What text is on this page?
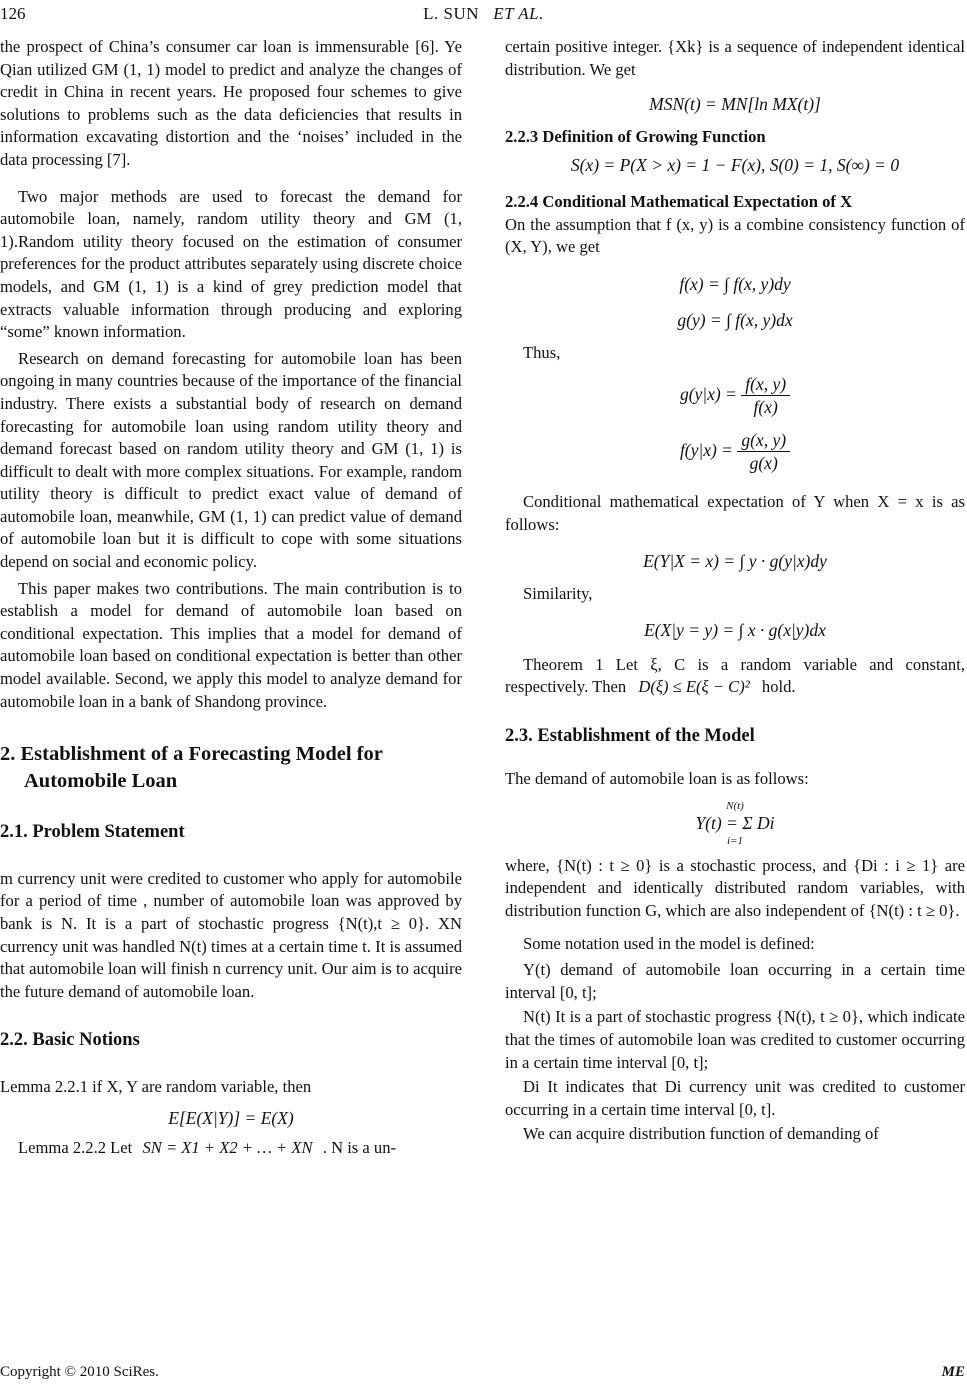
126	L. SUN ET AL.

the prospect of China’s consumer car loan is immensurable [6]. Ye Qian utilized GM (1, 1) model to predict and analyze the changes of credit in China in recent years. He proposed four schemes to give solutions to problems such as the data deficiencies that results in information excavating distortion and the ‘noises’ included in the data processing [7].

Two major methods are used to forecast the demand for automobile loan, namely, random utility theory and GM (1, 1).Random utility theory focused on the estimation of consumer preferences for the product attributes separately using discrete choice models, and GM (1, 1) is a kind of grey prediction model that extracts valuable information through producing and exploring “some” known information.

Research on demand forecasting for automobile loan has been ongoing in many countries because of the importance of the financial industry. There exists a substantial body of research on demand forecasting for automobile loan using random utility theory and demand forecast based on random utility theory and GM (1, 1) is difficult to dealt with more complex situations. For example, random utility theory is difficult to predict exact value of demand of automobile loan, meanwhile, GM (1, 1) can predict value of demand of automobile loan but it is difficult to cope with some situations depend on social and economic policy.

This paper makes two contributions. The main contribution is to establish a model for demand of automobile loan based on conditional expectation. This implies that a model for demand of automobile loan based on conditional expectation is better than other model available. Second, we apply this model to analyze demand for automobile loan in a bank of Shandong province.

2. Establishment of a Forecasting Model for
Automobile Loan
2.1. Problem Statement

m currency unit were credited to customer who apply for automobile for a period of time , number of automobile loan was approved by bank is N. It is a part of stochastic progress {N(t),t ≥ 0}. XN currency unit was handled N(t) times at a certain time t. It is assumed that automobile loan will finish n currency unit. Our aim is to acquire the future demand of automobile loan.

2.2. Basic Notions

Lemma 2.2.1 if X, Y are random variable, then

E[E(X|Y)] = E(X)

Lemma 2.2.2 Let SN = X1 + X2 + … + XN . N is a un-

certain positive integer. {Xk} is a sequence of independent identical distribution. We get

MSN(t) = MN[ln MX(t)]
2.2.3 Definition of Growing Function
S(x) = P(X > x) = 1 − F(x), S(0) = 1, S(∞) = 0
2.2.4 Conditional Mathematical Expectation of X

On the assumption that f (x, y) is a combine consistency function of (X, Y), we get

f(x) = ∫ f(x, y)dy
g(y) = ∫ f(x, y)dx

Thus,

$g(y|x) = \frac{f(x, y)}{f(x)}$
$f(y|x) = \frac{g(x, y)}{g(x)}$

Conditional mathematical expectation of Y when X = x is as follows:

E(Y|X = x) = ∫ y · g(y|x)dy

Similarity,

E(X|y = y) = ∫ x · g(x|y)dx

Theorem 1 Let ξ, C is a random variable and constant, respectively. Then D(ξ) ≤ E(ξ − C)² hold.

2.3. Establishment of the Model

The demand of automobile loan is as follows:

N(t)
Y(t) = Σ Di
i=1

where, {N(t) : t ≥ 0} is a stochastic process, and {Di : i ≥ 1} are independent and identically distributed random variables, with distribution function G, which are also independent of {N(t) : t ≥ 0}.

Some notation used in the model is defined:

Y(t) demand of automobile loan occurring in a certain time interval [0, t];

N(t) It is a part of stochastic progress {N(t), t ≥ 0}, which indicate that the times of automobile loan was credited to customer occurring in a certain time interval [0, t];

Di It indicates that Di currency unit was credited to customer occurring in a certain time interval [0, t].

We can acquire distribution function of demanding of

Copyright © 2010 SciRes.	ME
